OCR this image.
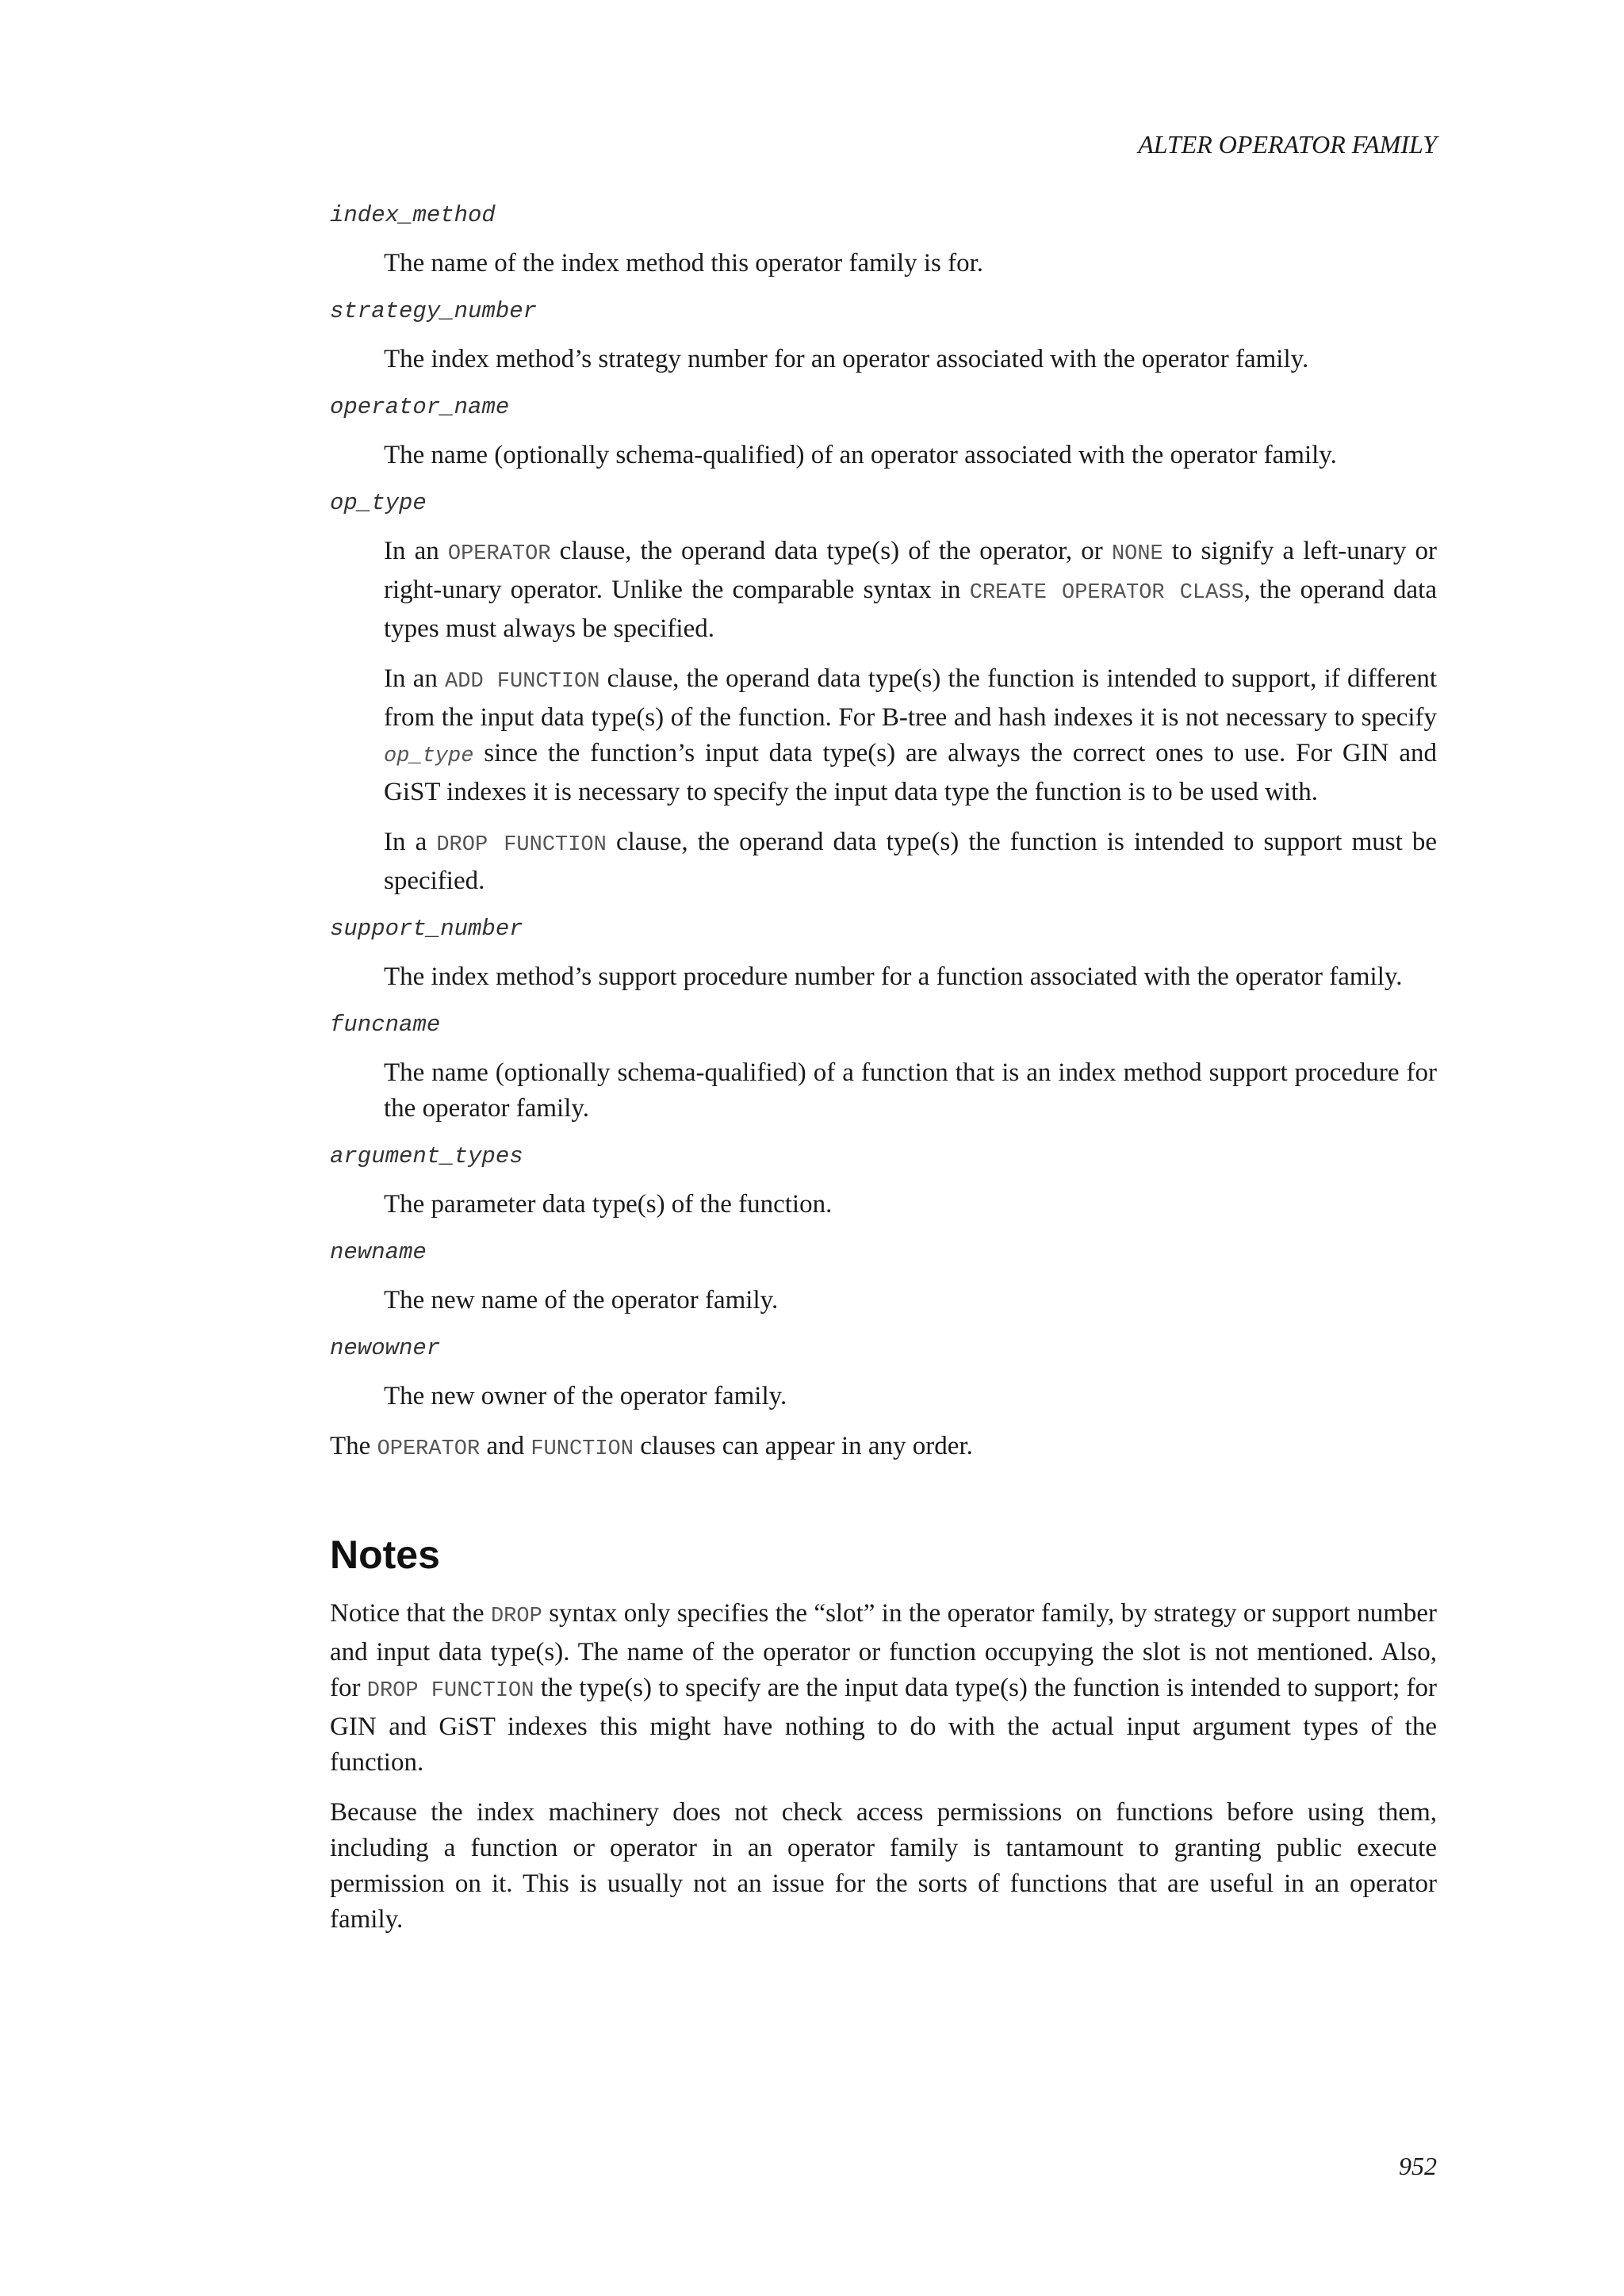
ALTER OPERATOR FAMILY
index_method
The name of the index method this operator family is for.
strategy_number
The index method’s strategy number for an operator associated with the operator family.
operator_name
The name (optionally schema-qualified) of an operator associated with the operator family.
op_type
In an OPERATOR clause, the operand data type(s) of the operator, or NONE to signify a left-unary or right-unary operator. Unlike the comparable syntax in CREATE OPERATOR CLASS, the operand data types must always be specified.
In an ADD FUNCTION clause, the operand data type(s) the function is intended to support, if different from the input data type(s) of the function. For B-tree and hash indexes it is not necessary to specify op_type since the function’s input data type(s) are always the correct ones to use. For GIN and GiST indexes it is necessary to specify the input data type the function is to be used with.
In a DROP FUNCTION clause, the operand data type(s) the function is intended to support must be specified.
support_number
The index method’s support procedure number for a function associated with the operator family.
funcname
The name (optionally schema-qualified) of a function that is an index method support procedure for the operator family.
argument_types
The parameter data type(s) of the function.
newname
The new name of the operator family.
newowner
The new owner of the operator family.

The OPERATOR and FUNCTION clauses can appear in any order.

Notes

Notice that the DROP syntax only specifies the “slot” in the operator family, by strategy or support number and input data type(s). The name of the operator or function occupying the slot is not mentioned. Also, for DROP FUNCTION the type(s) to specify are the input data type(s) the function is intended to support; for GIN and GiST indexes this might have nothing to do with the actual input argument types of the function.

Because the index machinery does not check access permissions on functions before using them, including a function or operator in an operator family is tantamount to granting public execute permission on it. This is usually not an issue for the sorts of functions that are useful in an operator family.

952
